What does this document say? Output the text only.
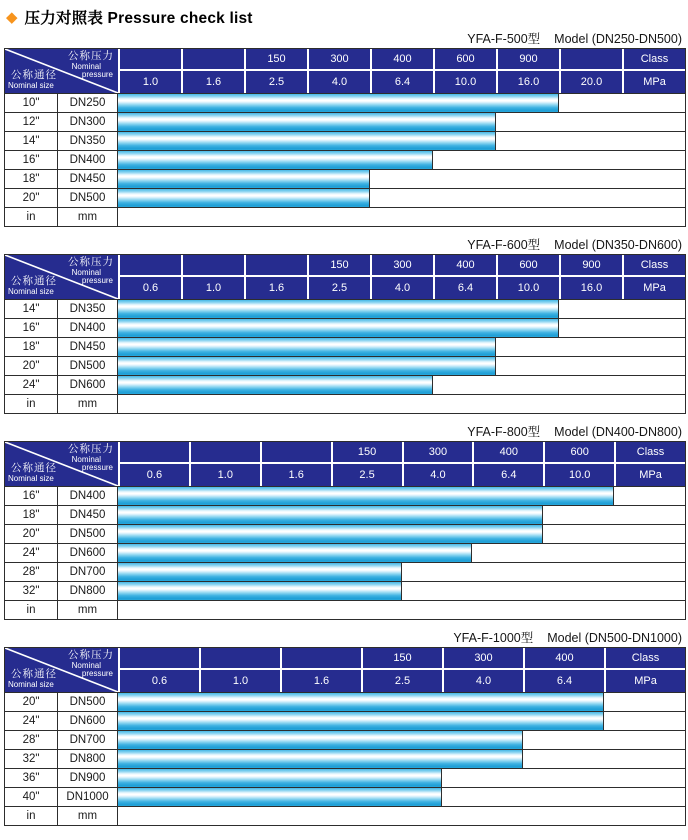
◆ 压力对照表 Pressure check list
YFA-F-500型 Model (DN250-DN500)
公称压力
Nominal
pressure
公称通径
Nominal size				150	300	400	600	900		Class
		1.0	1.6	2.5	4.0	6.4	10.0	16.0	20.0	MPa
10"	DN250									
12"	DN300									
14"	DN350									
16"	DN400									
18"	DN450									
20"	DN500									
in	mm									
YFA-F-600型 Model (DN350-DN600)
公称压力
Nominal
pressure
公称通径
Nominal size					150	300	400	600	900	Class
		0.6	1.0	1.6	2.5	4.0	6.4	10.0	16.0	MPa
14"	DN350									
16"	DN400									
18"	DN450									
20"	DN500									
24"	DN600									
in	mm									
YFA-F-800型 Model (DN400-DN800)
公称压力
Nominal
pressure
公称通径
Nominal size					150	300	400	600	Class
		0.6	1.0	1.6	2.5	4.0	6.4	10.0	MPa
16"	DN400								
18"	DN450								
20"	DN500								
24"	DN600								
28"	DN700								
32"	DN800								
in	mm								
YFA-F-1000型 Model (DN500-DN1000)
公称压力
Nominal
pressure
公称通径
Nominal size					150	300	400	Class
		0.6	1.0	1.6	2.5	4.0	6.4	MPa
20"	DN500							
24"	DN600							
28"	DN700							
32"	DN800							
36"	DN900							
40"	DN1000							
in	mm							
